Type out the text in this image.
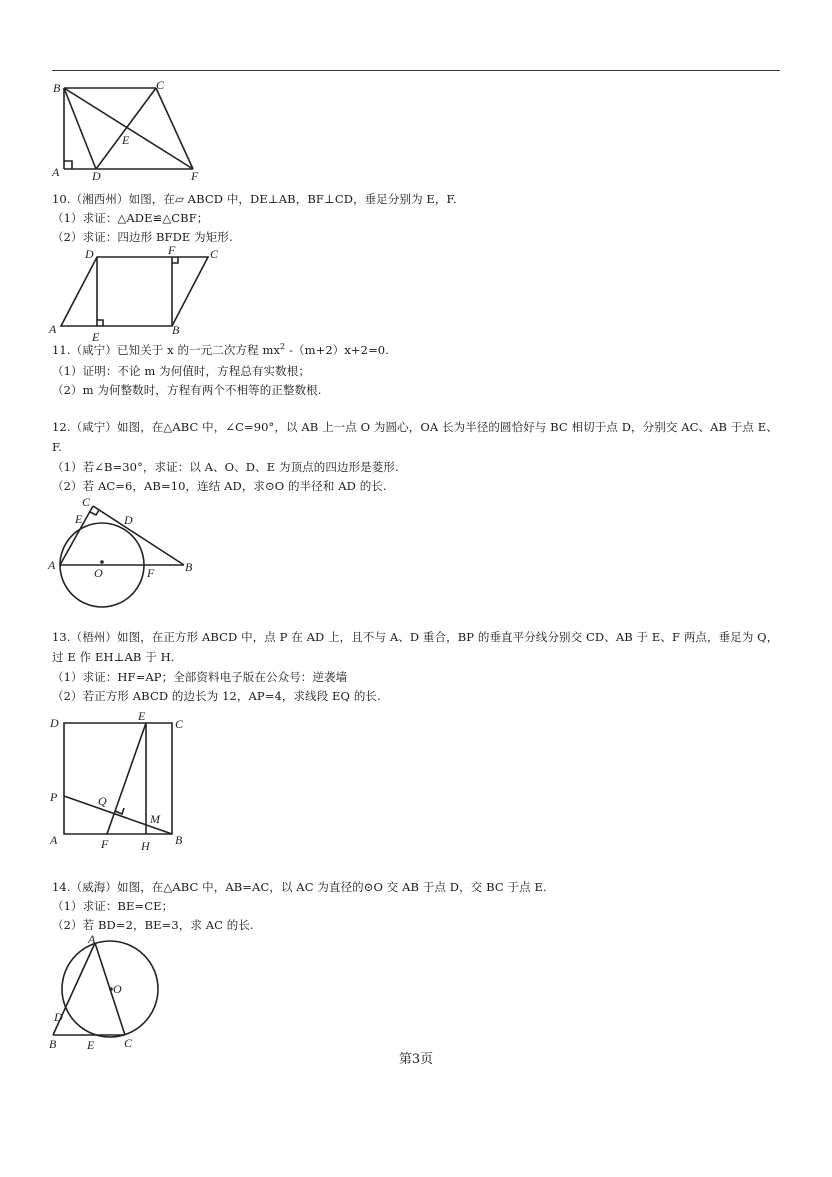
B	C
E
A	D	F
10.（湘西州）如图，在▱ ABCD 中，DE⊥AB，BF⊥CD，垂足分别为 E，F.
（1）求证：△ADE≌△CBF；
（2）求证：四边形 BFDE 为矩形.
D	F	C
A
E	B
11.（咸宁）已知关于 x 的一元二次方程 $mx^2$ -（m+2）x+2=0.
（1）证明：不论 m 为何值时，方程总有实数根；
（2）m 为何整数时，方程有两个不相等的正整数根.
12.（咸宁）如图，在△ABC 中，∠C=90°，以 AB 上一点 O 为圆心，OA 长为半径的圆恰好与 BC 相切于点 D，分别交 AC、AB 于点 E、F.
（1）若∠B=30°，求证：以 A、O、D、E 为顶点的四边形是菱形.
（2）若 AC=6，AB=10，连结 AD，求⊙O 的半径和 AD 的长.
C
E	D
A
O	F	B
13.（梧州）如图，在正方形 ABCD 中，点 P 在 AD 上，且不与 A、D 重合，BP 的垂直平分线分别交 CD、AB 于 E、F 两点，垂足为 Q，过 E 作 EH⊥AB 于 H.
（1）求证：HF=AP；全部资料电子版在公众号：逆袭墙
（2）若正方形 ABCD 的边长为 12，AP=4，求线段 EQ 的长.
D	E
C
P	Q
M
A	F	H B
14.（威海）如图，在△ABC 中，AB=AC，以 AC 为直径的⊙O 交 AB 于点 D，交 BC 于点 E.
（1）求证：BE=CE；
（2）若 BD=2，BE=3，求 AC 的长.
A
O
D
B	E C
第3页
